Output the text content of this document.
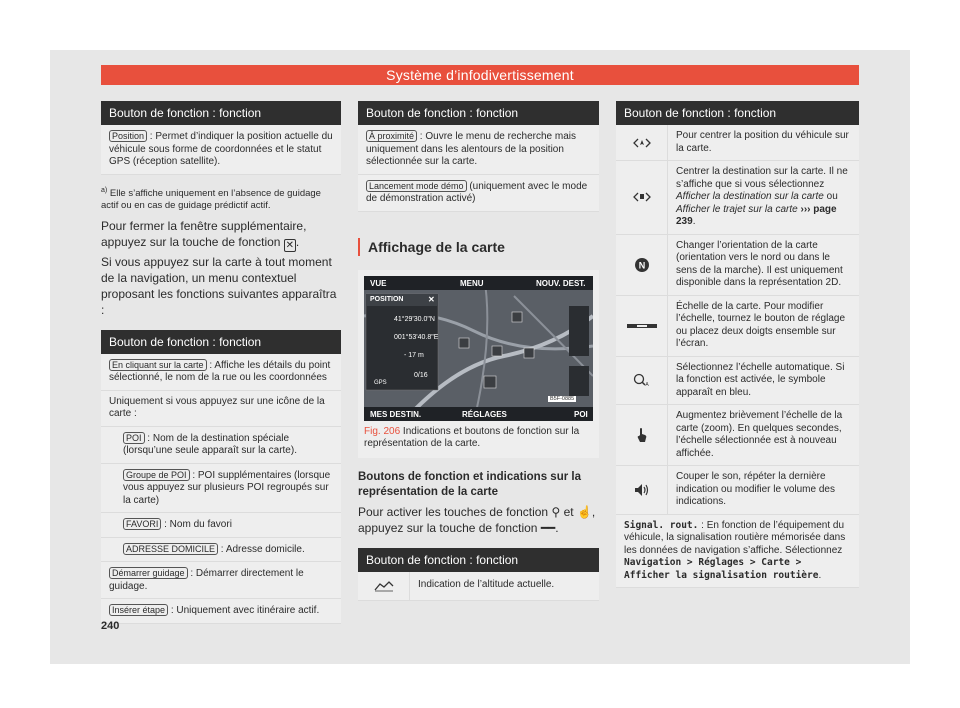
Système d’infodivertissement
Bouton de fonction : fonction
Position : Permet d’indiquer la position actuelle du véhicule sous forme de coordonnées et le statut GPS (réception satellite).
$^{a)}$ Elle s’affiche uniquement en l’absence de guidage actif ou en cas de guidage prédictif actif.

Pour fermer la fenêtre supplémentaire, appuyez sur la touche de fonction ✕ .

Si vous appuyez sur la carte à tout moment de la navigation, un menu contextuel proposant les fonctions suivantes apparaîtra :

Bouton de fonction : fonction
En cliquant sur la carte : Affiche les détails du point sélectionné, le nom de la rue ou les coordonnées
Uniquement si vous appuyez sur une icône de la carte :
POI : Nom de la destination spéciale (lorsqu’une seule apparaît sur la carte).
Groupe de POI : POI supplémentaires (lorsque vous appuyez sur plusieurs POI regroupés sur la carte)
FAVORI : Nom du favori
ADRESSE DOMICILE : Adresse domicile.
Démarrer guidage : Démarrer directement le guidage.
Insérer étape : Uniquement avec itinéraire actif.
Bouton de fonction : fonction
À proximité : Ouvre le menu de recherche mais uniquement dans les alentours de la position sélectionnée sur la carte.
Lancement mode démo (uniquement avec le mode de démonstration activé)
Affichage de la carte
VUE	MENU	NOUV. DEST.
MES DESTIN.	RÉGLAGES	POI
POSITION	✕
41°29'30.0"N
001°53'40.8"E
- 17 m
0/16
GPS
B5F-0885

Fig. 206 Indications et boutons de fonction sur la représentation de la carte.

Boutons de fonction et indications sur la représentation de la carte

Pour activer les touches de fonction ⚲ et ☝, appuyez sur la touche de fonction ━━.

Bouton de fonction : fonction
Indication de l’altitude actuelle.
Bouton de fonction : fonction
Pour centrer la position du véhicule sur la carte.
Centrer la destination sur la carte. Il ne s’affiche que si vous sélectionnez Afficher la destination sur la carte ou Afficher le trajet sur la carte ››› page 239.
N
Changer l’orientation de la carte (orientation vers le nord ou dans le sens de la marche). Il est uniquement disponible dans la représentation 2D.
Échelle de la carte. Pour modifier l’échelle, tournez le bouton de réglage ou placez deux doigts ensemble sur l’écran.
A
Sélectionnez l’échelle automatique. Si la fonction est activée, le symbole apparaît en bleu.
Augmentez brièvement l’échelle de la carte (zoom). En quelques secondes, l’échelle sélectionnée est à nouveau affichée.
Couper le son, répéter la dernière indication ou modifier le volume des indications.
Signal. rout. : En fonction de l’équipement du véhicule, la signalisation routière mémorisée dans les données de navigation s’affiche. Sélectionnez Navigation > Réglages > Carte > Afficher la signalisation routière.
240
